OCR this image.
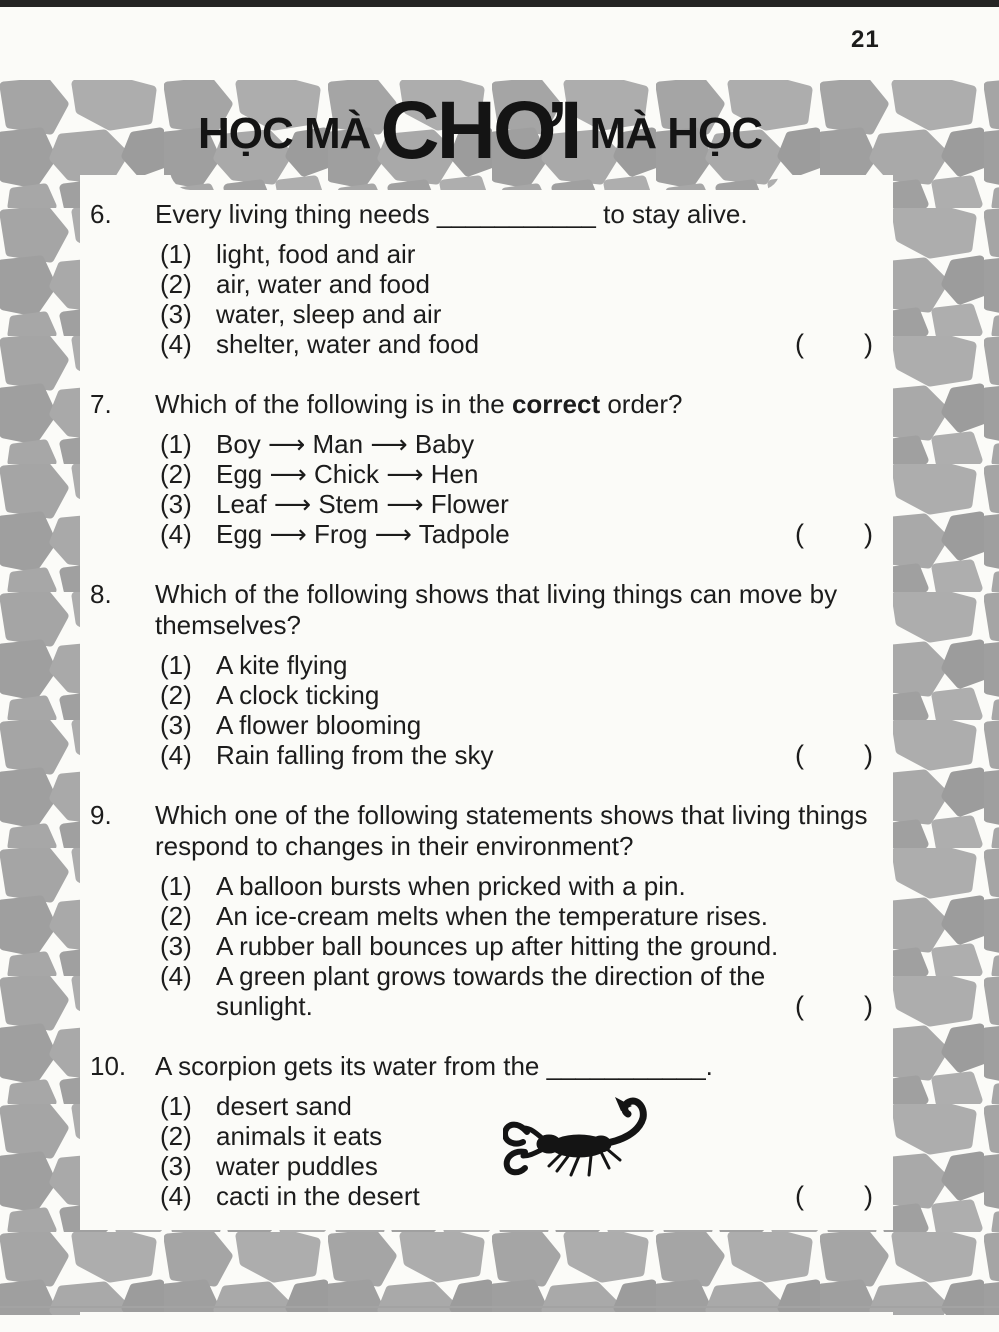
21
HỌC MÀ CHƠI MÀ HỌC
6.	Every living thing needs ___________ to stay alive.
(1) light, food and air
(2) air, water and food
(3) water, sleep and air
(4) shelter, water and food	( )
7.	Which of the following is in the correct order?
(1) Boy ⟶ Man ⟶ Baby
(2) Egg ⟶ Chick ⟶ Hen
(3) Leaf ⟶ Stem ⟶ Flower
(4) Egg ⟶ Frog ⟶ Tadpole	( )
8.	Which of the following shows that living things can move by
themselves?
(1) A kite flying
(2) A clock ticking
(3) A flower blooming
(4) Rain falling from the sky	( )
9.	Which one of the following statements shows that living things
respond to changes in their environment?
(1) A balloon bursts when pricked with a pin.
(2) An ice-cream melts when the temperature rises.
(3) A rubber ball bounces up after hitting the ground.
(4) A green plant grows towards the direction of the
sunlight.	( )
10.	A scorpion gets its water from the ___________.
(1) desert sand
(2) animals it eats
(3) water puddles
(4) cacti in the desert	( )
